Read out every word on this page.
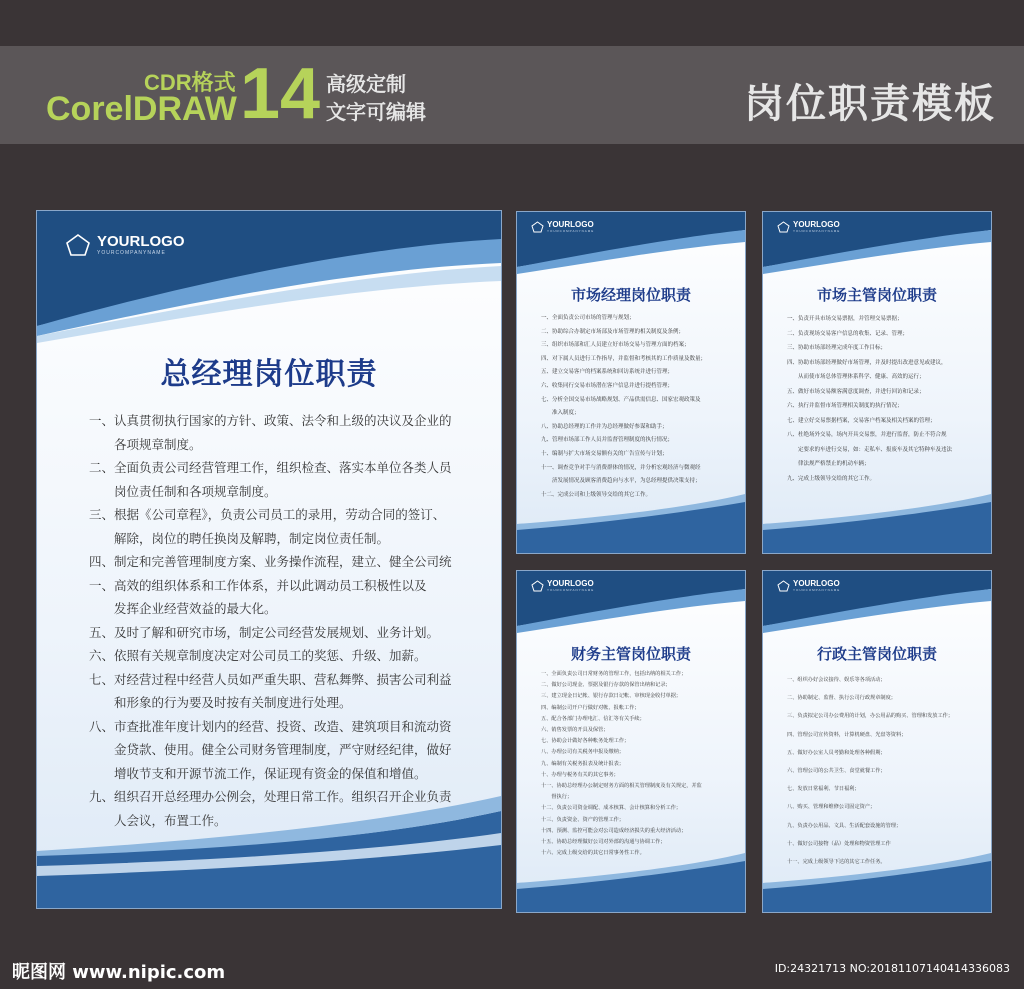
CDR格式
CorelDRAW 14 高级定制
文字可编辑	岗位职责模板
YOURLOGO
YOURCOMPANYNAME
总经理岗位职责
一、认真贯彻执行国家的方针、政策、法令和上级的决议及企业的
各项规章制度。
二、全面负责公司经营管理工作，组织检查、落实本单位各类人员
岗位责任制和各项规章制度。
三、根据《公司章程》，负责公司员工的录用，劳动合同的签订、
解除，岗位的聘任换岗及解聘，制定岗位责任制。
四、制定和完善管理制度方案、业务操作流程，建立、健全公司统
一、高效的组织体系和工作体系，并以此调动员工积极性以及
发挥企业经营效益的最大化。
五、及时了解和研究市场，制定公司经营发展规划、业务计划。
六、依照有关规章制度决定对公司员工的奖惩、升级、加薪。
七、对经营过程中经营人员如严重失职、营私舞弊、损害公司利益
和形象的行为要及时按有关制度进行处理。
八、市查批准年度计划内的经营、投资、改造、建筑项目和流动资
金贷款、使用。健全公司财务管理制度，严守财经纪律，做好
增收节支和开源节流工作，保证现有资金的保值和增值。
九、组织召开总经理办公例会，处理日常工作。组织召开企业负责
人会议，布置工作。
YOURLOGO
YOURCOMPANYNAME
市场经理岗位职责
一、全面负责公司市场的管理与规划；
二、协助综合办制定市场部及市场管理的相关制度及条例；
三、组织市场部和汇人员建立好市场交易与管理方面的档案；
四、对下属人员进行工作指导，并监督和考核其的工作质量及数量；
五、建立交易客户的档案系统和回访系统并进行管理；
六、收集同行交易市场潜在客户信息并进行提档管理；
七、分析全国交易市场战略规划、产品供需信息、国家宏观政策及
准入制度；
八、协助总经理的工作并为总经理做好参谋和助手；
九、管理市场部工作人员并监督管理制度的执行情况；
十、编制与扩大市场交易额有关的广告宣传与计划；
十一、调查竞争对手与消费群体的情况，并分析宏观经济与微观经
济发展情况及顾客消费趋向与水平，为总经理提供决策支持；
十二、完成公司和上级领导交给的其它工作。
YOURLOGO
YOURCOMPANYNAME
市场主管岗位职责
一、负责开具市场交易票据，并管理交易票据；
二、负责现场交易客户信息的收集、记录、管理；
三、协助市场部经理完成年度工作目标；
四、协助市场部经理做好市场管理，并及时提出改进意见或建议，
从而使市场总体管理体系科学、健康、高效的运行；
五、做好市场交易额客满意度调查，并进行回访和记录；
六、执行并监督市场管理相关制度的执行情况；
七、建立好交易票据档案，交易客户档案及相关档案的管理；
八、杜绝场外交易，场内开具交易票，并进行监督，防止不符合规
定要求的车进行交易，如：走私车、报废车及其它特种车及违法
律法规严格禁止的机动车辆；
九、完成上级领导交给的其它工作。
YOURLOGO
YOURCOMPANYNAME
财务主管岗位职责
一、全面负责公司日常财务的管理工作，包括出纳的相关工作；
二、做好公司现金、票据及银行存款的保管出纳和记录；
三、建立现金日记帐、银行存款日记帐、审核现金收付单据；
四、编制公司开户行做好对帐、报帐工作；
五、配合各部门办理电汇、信汇等有关手续；
六、销售发票的开具及保管；
七、协助会计做好各种帐务处理工作；
八、办理公司有关税务申报及缴纳；
九、编制有关税务报表及统计报表；
十、办理与税务有关的其它事务；
十一、协助总经理办公制定财务方面的相关管理制度及有关规定，并监
督执行；
十二、负责公司资金调配、成本核算、会计核算和分析工作；
十三、负责资金、资产的管理工作；
十四、预测、监控可能会对公司造成经济损失的重大经济活动；
十五、协助总经理做好公司对外部的沟通与协调工作；
十六、完成上级交给的其它日常事务性工作。
YOURLOGO
YOURCOMPANYNAME
行政主管岗位职责
一、组织办好会议接待、娱乐等各项活动；
二、协助制定、监督、执行公司行政规章制度；
三、负责拟定公司办公费用的计划，办公用品的购买、管理和发放工作；
四、管理公司宣传资料，计算机硬盘、光盘等资料；
五、做好办公室人员考勤和处理各种假期；
六、管理公司的公共卫生、食堂就餐工作；
七、发放日常福利、节日福利；
八、购买、管理和维修公司固定资产；
九、负责办公用品、文具、生活配套设施的管理；
十、做好公司接物（品）处理和物资管理工作
十一、完成上级领导下达的其它工作任务。
昵图网 www.nipic.com	ID:24321713 NO:20181107140414336083
